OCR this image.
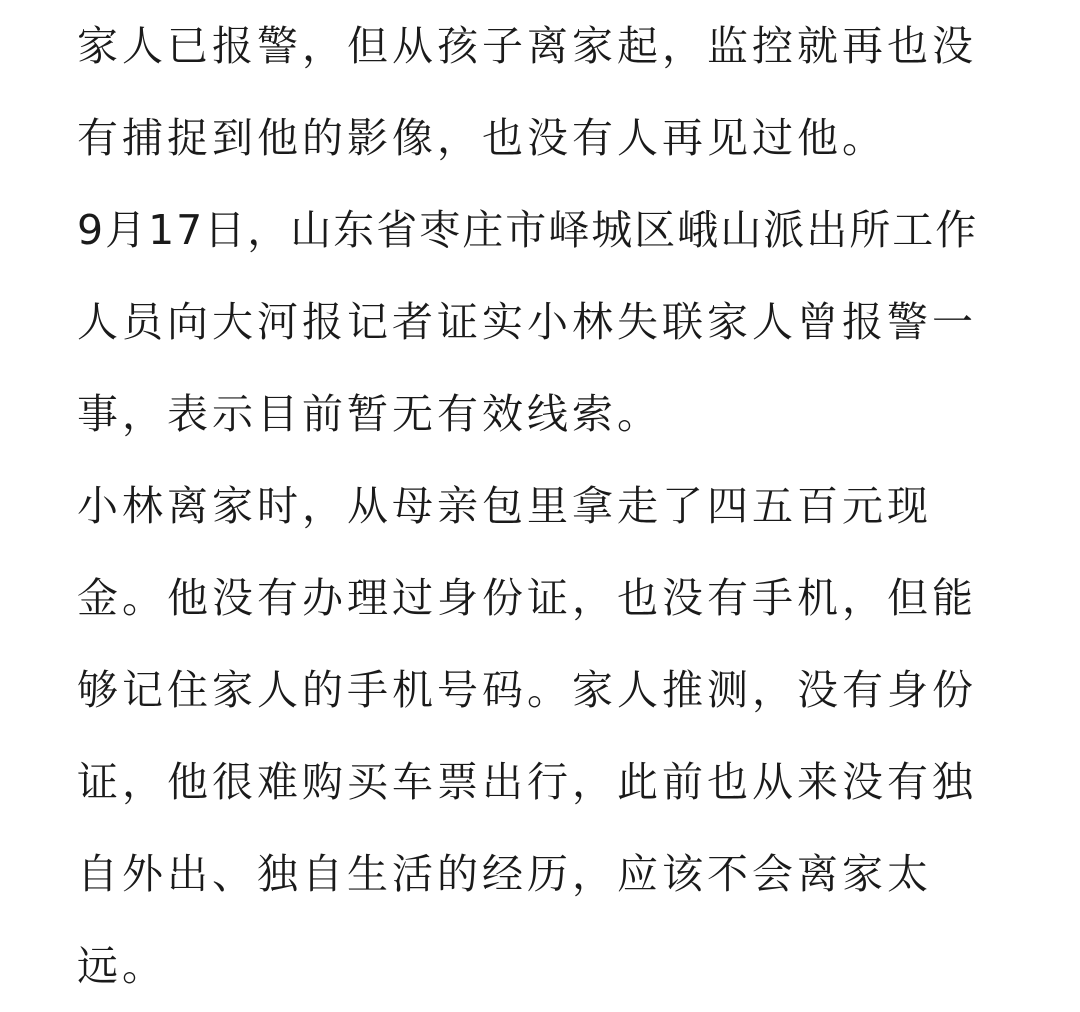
家人已报警，但从孩子离家起，监控就再也没
有捕捉到他的影像，也没有人再见过他。
9月17日，山东省枣庄市峄城区峨山派出所工作
人员向大河报记者证实小林失联家人曾报警一
事，表示目前暂无有效线索。
小林离家时，从母亲包里拿走了四五百元现
金。他没有办理过身份证，也没有手机，但能
够记住家人的手机号码。家人推测，没有身份
证，他很难购买车票出行，此前也从来没有独
自外出、独自生活的经历，应该不会离家太
远。
